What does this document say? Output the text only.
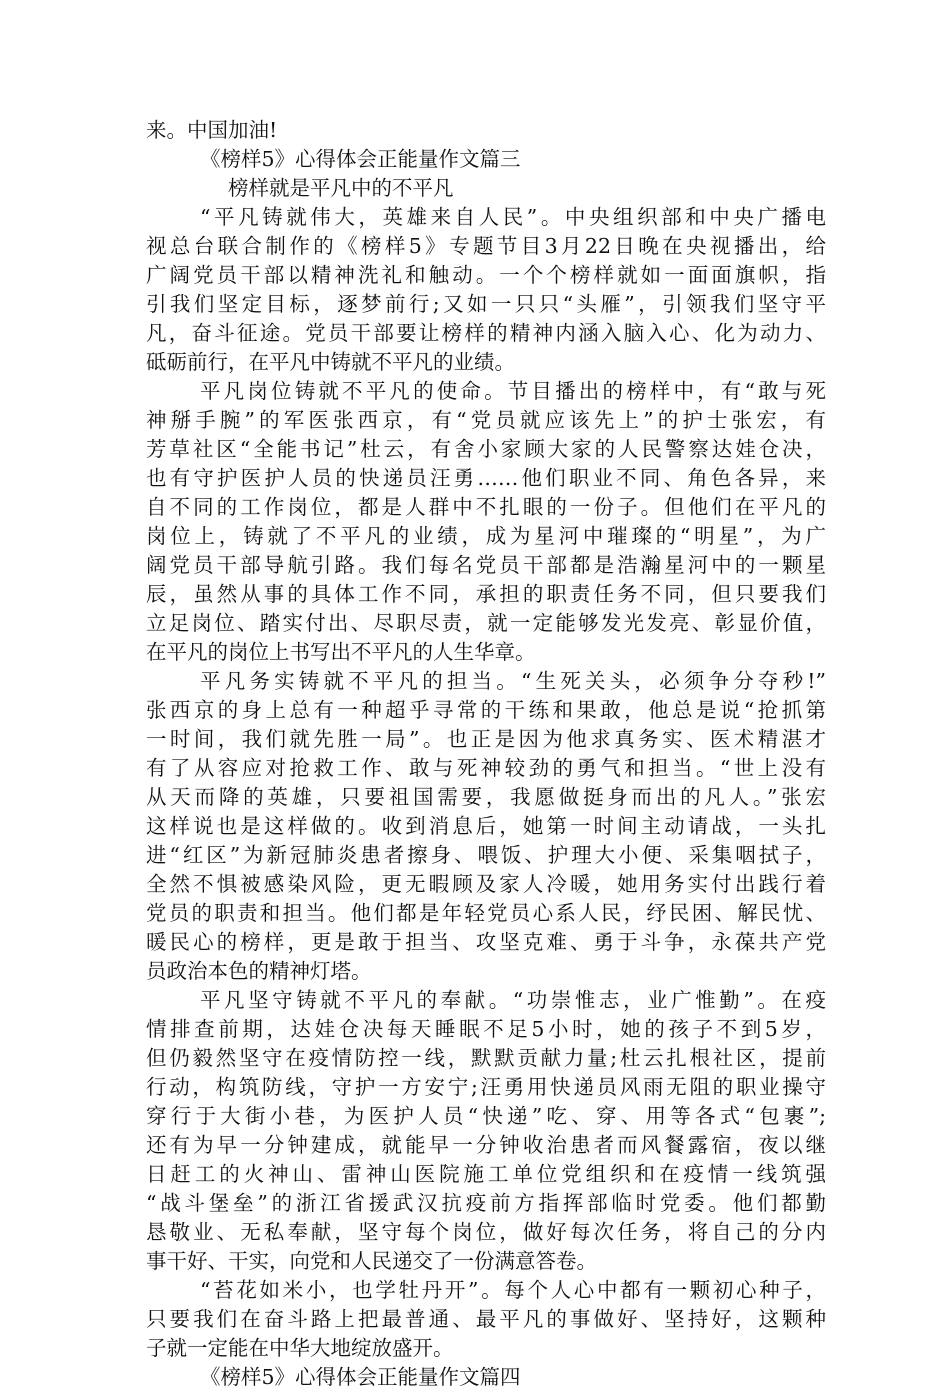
来。中国加油!
《榜样5》心得体会正能量作文篇三
榜样就是平凡中的不平凡
“平凡铸就伟大，英雄来自人民”。中央组织部和中央广播电
视总台联合制作的《榜样5》专题节目3月22日晚在央视播出，给
广阔党员干部以精神洗礼和触动。一个个榜样就如一面面旗帜，指
引我们坚定目标，逐梦前行;又如一只只“头雁”，引领我们坚守平
凡，奋斗征途。党员干部要让榜样的精神内涵入脑入心、化为动力、
砥砺前行，在平凡中铸就不平凡的业绩。
平凡岗位铸就不平凡的使命。节目播出的榜样中，有“敢与死
神掰手腕”的军医张西京，有“党员就应该先上”的护士张宏，有
芳草社区“全能书记”杜云，有舍小家顾大家的人民警察达娃仓决，
也有守护医护人员的快递员汪勇……他们职业不同、角色各异，来
自不同的工作岗位，都是人群中不扎眼的一份子。但他们在平凡的
岗位上，铸就了不平凡的业绩，成为星河中璀璨的“明星”，为广
阔党员干部导航引路。我们每名党员干部都是浩瀚星河中的一颗星
辰，虽然从事的具体工作不同，承担的职责任务不同，但只要我们
立足岗位、踏实付出、尽职尽责，就一定能够发光发亮、彰显价值，
在平凡的岗位上书写出不平凡的人生华章。
平凡务实铸就不平凡的担当。“生死关头，必须争分夺秒!”
张西京的身上总有一种超乎寻常的干练和果敢，他总是说“抢抓第
一时间，我们就先胜一局”。也正是因为他求真务实、医术精湛才
有了从容应对抢救工作、敢与死神较劲的勇气和担当。“世上没有
从天而降的英雄，只要祖国需要，我愿做挺身而出的凡人。”张宏
这样说也是这样做的。收到消息后，她第一时间主动请战，一头扎
进“红区”为新冠肺炎患者擦身、喂饭、护理大小便、采集咽拭子，
全然不惧被感染风险，更无暇顾及家人冷暖，她用务实付出践行着
党员的职责和担当。他们都是年轻党员心系人民，纾民困、解民忧、
暖民心的榜样，更是敢于担当、攻坚克难、勇于斗争，永葆共产党
员政治本色的精神灯塔。
平凡坚守铸就不平凡的奉献。“功崇惟志，业广惟勤”。在疫
情排查前期，达娃仓决每天睡眠不足5小时，她的孩子不到5岁，
但仍毅然坚守在疫情防控一线，默默贡献力量;杜云扎根社区，提前
行动，构筑防线，守护一方安宁;汪勇用快递员风雨无阻的职业操守
穿行于大街小巷，为医护人员“快递”吃、穿、用等各式“包裹”;
还有为早一分钟建成，就能早一分钟收治患者而风餐露宿，夜以继
日赶工的火神山、雷神山医院施工单位党组织和在疫情一线筑强
“战斗堡垒”的浙江省援武汉抗疫前方指挥部临时党委。他们都勤
恳敬业、无私奉献，坚守每个岗位，做好每次任务，将自己的分内
事干好、干实，向党和人民递交了一份满意答卷。
“苔花如米小，也学牡丹开”。每个人心中都有一颗初心种子，
只要我们在奋斗路上把最普通、最平凡的事做好、坚持好，这颗种
子就一定能在中华大地绽放盛开。
《榜样5》心得体会正能量作文篇四
